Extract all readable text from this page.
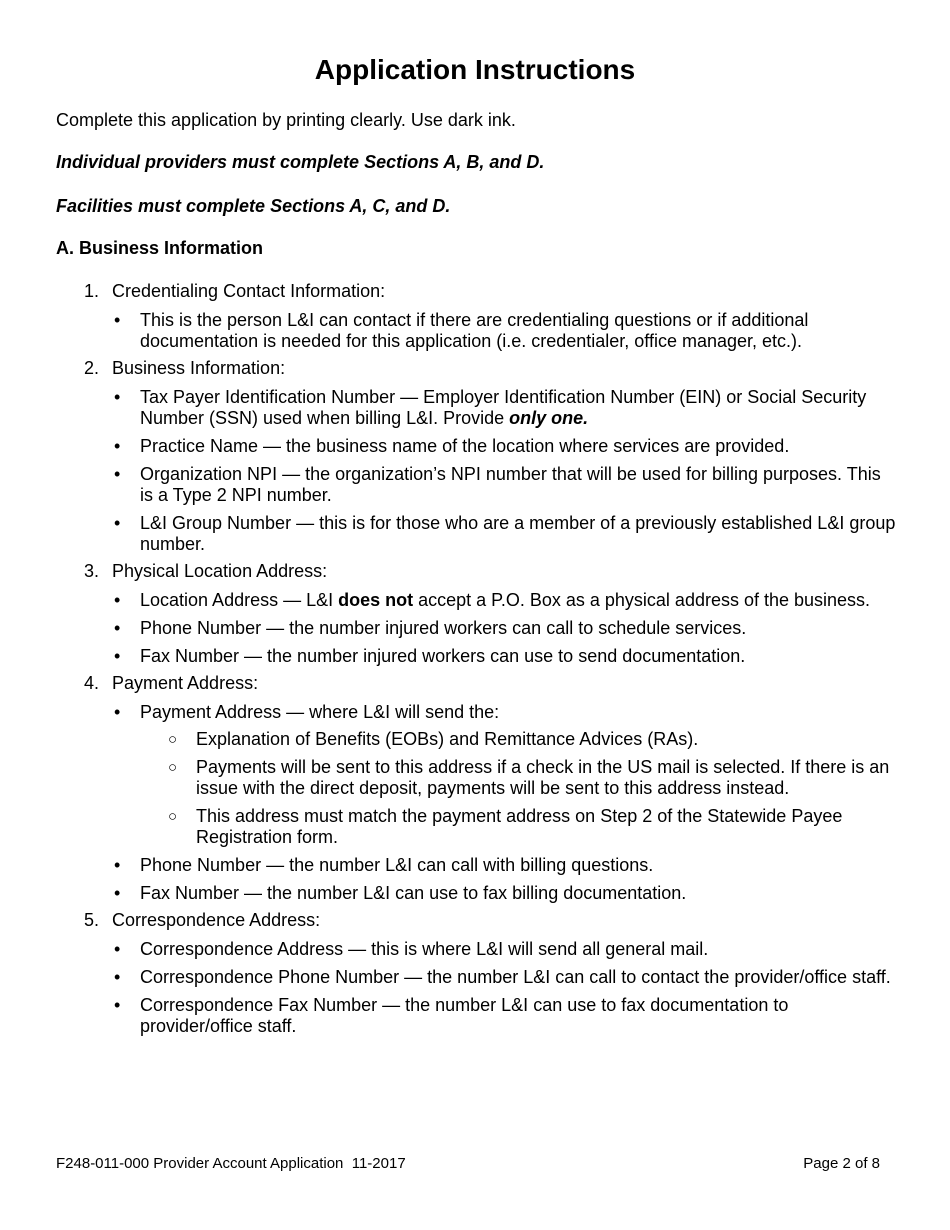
Application Instructions

Complete this application by printing clearly. Use dark ink.

Individual providers must complete Sections A, B, and D.

Facilities must complete Sections A, C, and D.

A. Business Information

1. Credentialing Contact Information:
• This is the person L&I can contact if there are credentialing questions or if additional documentation is needed for this application (i.e. credentialer, office manager, etc.).
2. Business Information:
• Tax Payer Identification Number — Employer Identification Number (EIN) or Social Security Number (SSN) used when billing L&I. Provide only one.
• Practice Name — the business name of the location where services are provided.
• Organization NPI — the organization’s NPI number that will be used for billing purposes. This is a Type 2 NPI number.
• L&I Group Number — this is for those who are a member of a previously established L&I group number.
3. Physical Location Address:
• Location Address — L&I does not accept a P.O. Box as a physical address of the business.
• Phone Number — the number injured workers can call to schedule services.
• Fax Number — the number injured workers can use to send documentation.
4. Payment Address:
• Payment Address — where L&I will send the:
○ Explanation of Benefits (EOBs) and Remittance Advices (RAs).
○ Payments will be sent to this address if a check in the US mail is selected. If there is an issue with the direct deposit, payments will be sent to this address instead.
○ This address must match the payment address on Step 2 of the Statewide Payee Registration form.
• Phone Number — the number L&I can call with billing questions.
• Fax Number — the number L&I can use to fax billing documentation.
5. Correspondence Address:
• Correspondence Address — this is where L&I will send all general mail.
• Correspondence Phone Number — the number L&I can call to contact the provider/office staff.
• Correspondence Fax Number — the number L&I can use to fax documentation to provider/office staff.
F248-011-000 Provider Account Application  11-2017	Page 2 of 8
